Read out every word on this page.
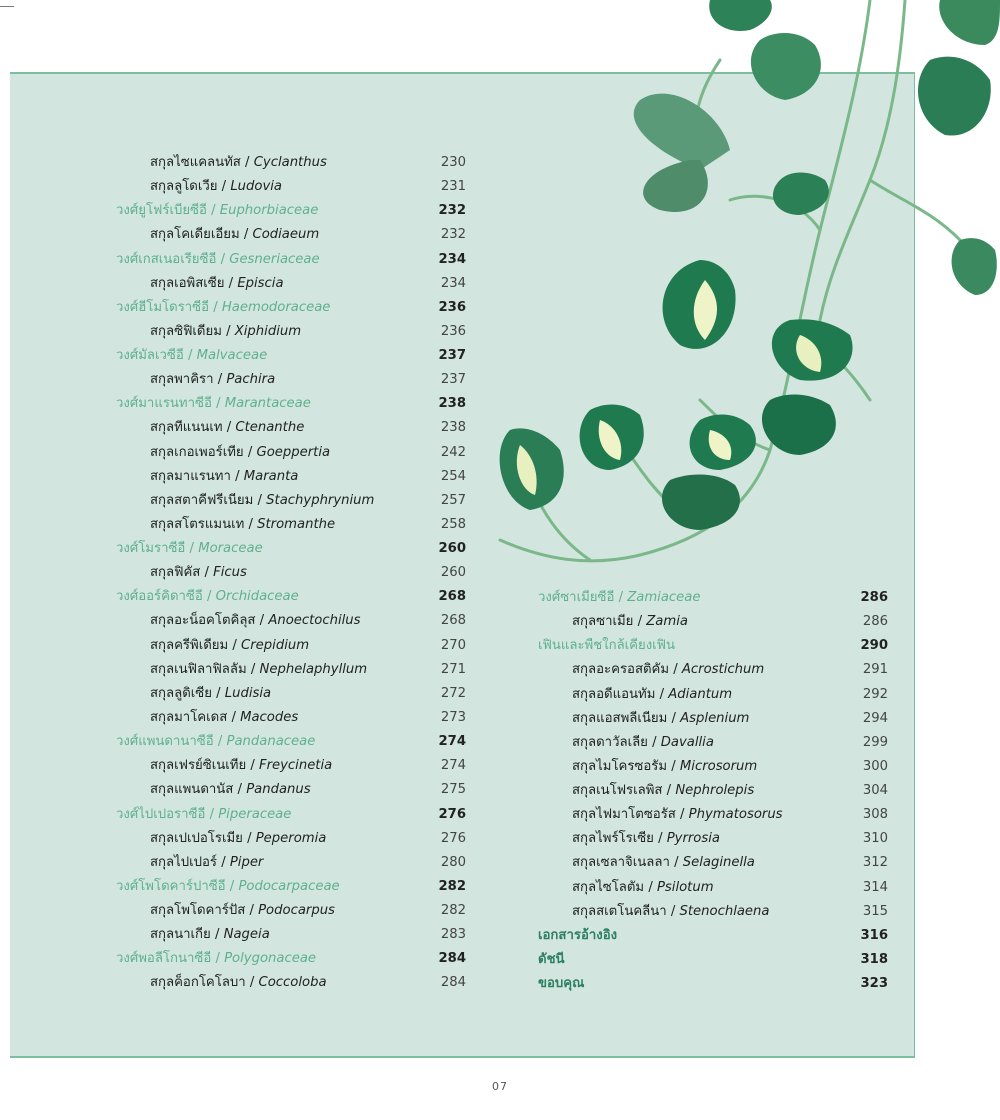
สกุลไซแคลนทัส / Cyclanthus	230
สกุลลูโดเวีย / Ludovia	231
วงศ์ยูโฟร์เบียซีอี / Euphorbiaceae	232
สกุลโคเดียเอียม / Codiaeum	232
วงศ์เกสเนอเรียซีอี / Gesneriaceae	234
สกุลเอพิสเซีย / Episcia	234
วงศ์ฮีโมโดราซีอี / Haemodoraceae	236
สกุลซิฟิเดียม / Xiphidium	236
วงศ์มัลเวซีอี / Malvaceae	237
สกุลพาคิรา / Pachira	237
วงศ์มาแรนทาซีอี / Marantaceae	238
สกุลทีแนนเท / Ctenanthe	238
สกุลเกอเพอร์เทีย / Goeppertia	242
สกุลมาแรนทา / Maranta	254
สกุลสตาคีฟรีเนียม / Stachyphrynium	257
สกุลสโตรแมนเท / Stromanthe	258
วงศ์โมราซีอี / Moraceae	260
สกุลฟิคัส / Ficus	260
วงศ์ออร์คิดาซีอี / Orchidaceae	268
สกุลอะน็อคโตคิลุส / Anoectochilus	268
สกุลครีพิเดียม / Crepidium	270
สกุลเนฟิลาฟิลลัม / Nephelaphyllum	271
สกุลลูดิเซีย / Ludisia	272
สกุลมาโคเดส / Macodes	273
วงศ์แพนดานาซีอี / Pandanaceae	274
สกุลเฟรย์ซิเนเทีย / Freycinetia	274
สกุลแพนดานัส / Pandanus	275
วงศ์ไปเปอราซีอี / Piperaceae	276
สกุลเปเปอโรเมีย / Peperomia	276
สกุลไปเปอร์ / Piper	280
วงศ์โพโดคาร์ปาซีอี / Podocarpaceae	282
สกุลโพโดคาร์ปัส / Podocarpus	282
สกุลนาเกีย / Nageia	283
วงศ์พอลีโกนาซีอี / Polygonaceae	284
สกุลค็อกโคโลบา / Coccoloba	284
วงศ์ซาเมียซีอี / Zamiaceae	286
สกุลซาเมีย / Zamia	286
เฟินและพืชใกล้เคียงเฟิน	290
สกุลอะครอสติคัม / Acrostichum	291
สกุลอดีแอนทัม / Adiantum	292
สกุลแอสพลีเนียม / Asplenium	294
สกุลดาวัลเลีย / Davallia	299
สกุลไมโครซอรัม / Microsorum	300
สกุลเนโฟรเลพิส / Nephrolepis	304
สกุลไฟมาโตซอรัส / Phymatosorus	308
สกุลไพร์โรเซีย / Pyrrosia	310
สกุลเซลาจิเนลลา / Selaginella	312
สกุลไซโลตัม / Psilotum	314
สกุลสเตโนคลีนา / Stenochlaena	315
เอกสารอ้างอิง	316
ดัชนี	318
ขอบคุณ	323
07
